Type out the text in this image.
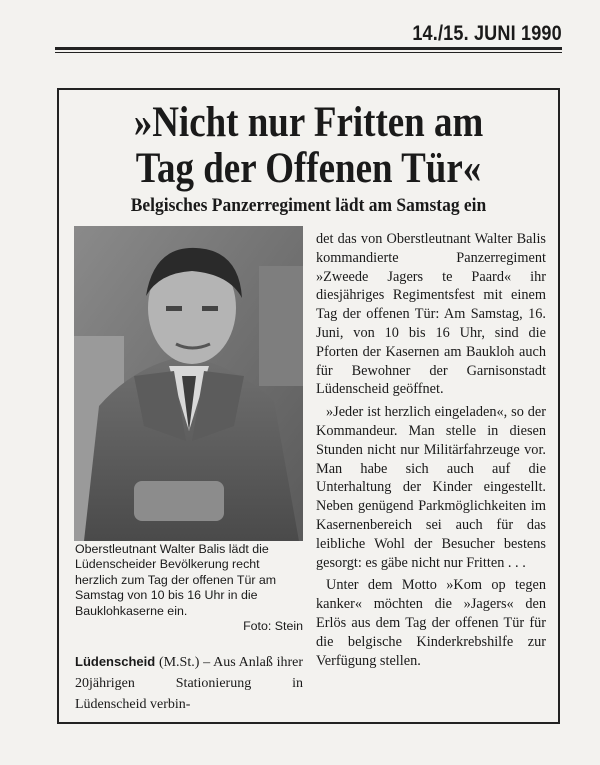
14./15. JUNI 1990
»Nicht nur Fritten am
Tag der Offenen Tür«
Belgisches Panzerregiment lädt am Samstag ein
Oberstleutnant Walter Balis lädt die Lüdenscheider Bevölkerung recht herzlich zum Tag der offenen Tür am Samstag von 10 bis 16 Uhr in die Bauklohkaserne ein.
Foto: Stein
Lüdenscheid (M.St.) – Aus Anlaß ihrer 20jährigen Stationierung in Lüdenscheid verbin-

det das von Oberstleutnant Walter Balis kommandierte Panzerregiment »Zweede Jagers te Paard« ihr diesjähriges Regimentsfest mit einem Tag der offenen Tür: Am Samstag, 16. Juni, von 10 bis 16 Uhr, sind die Pforten der Kasernen am Baukloh auch für Bewohner der Garnisonstadt Lüdenscheid geöffnet.

»Jeder ist herzlich eingeladen«, so der Kommandeur. Man stelle in diesen Stunden nicht nur Militärfahrzeuge vor. Man habe sich auch auf die Unterhaltung der Kinder eingestellt. Neben genügend Parkmöglichkeiten im Kasernenbereich sei auch für das leibliche Wohl der Besucher bestens gesorgt: es gäbe nicht nur Fritten . . .

Unter dem Motto »Kom op tegen kanker« möchten die »Jagers« den Erlös aus dem Tag der offenen Tür für die belgische Kinderkrebshilfe zur Verfügung stellen.
